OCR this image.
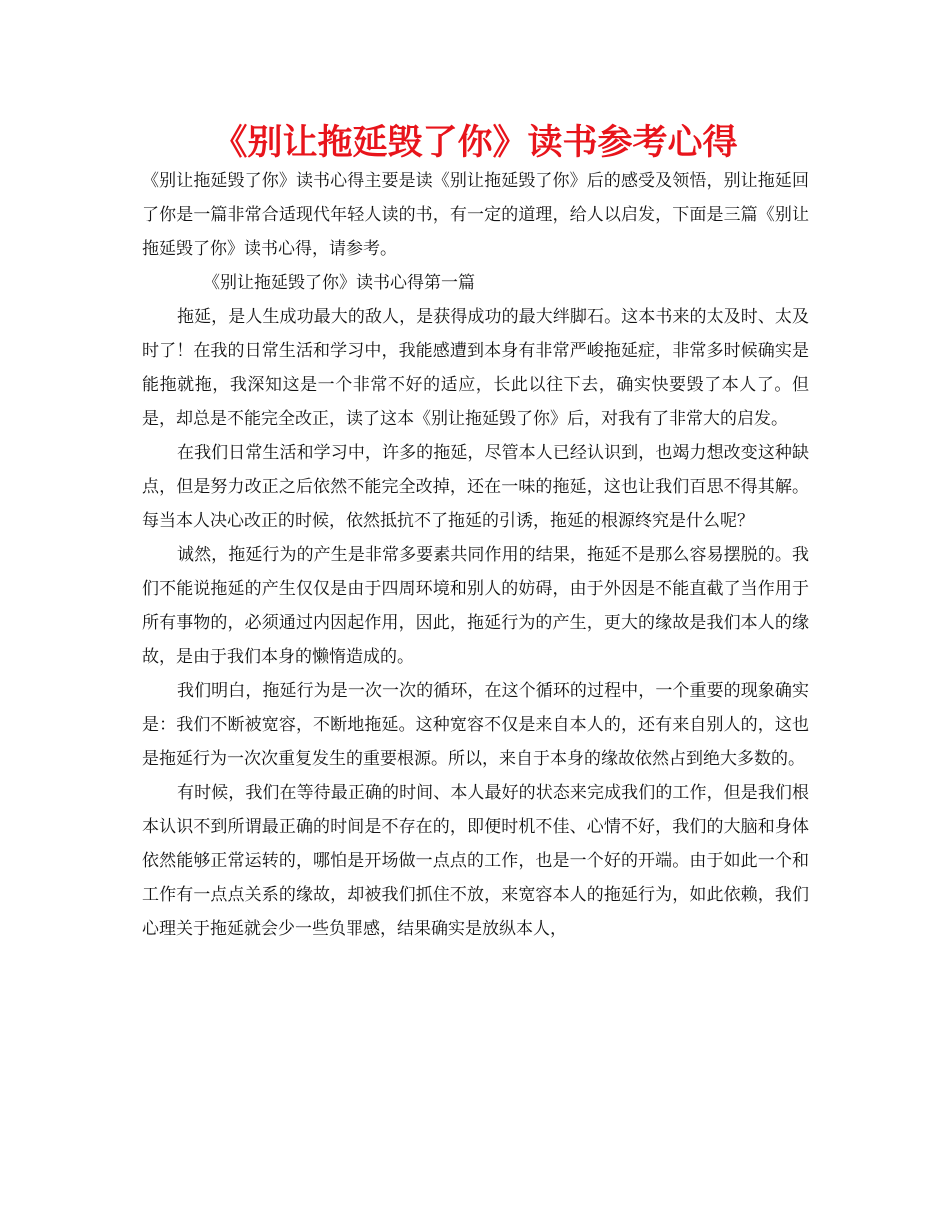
《别让拖延毁了你》读书参考心得

《别让拖延毁了你》读书心得主要是读《别让拖延毁了你》后的感受及领悟，别让拖延回了你是一篇非常合适现代年轻人读的书，有一定的道理，给人以启发，下面是三篇《别让拖延毁了你》读书心得，请参考。

《别让拖延毁了你》读书心得第一篇

拖延，是人生成功最大的敌人，是获得成功的最大绊脚石。这本书来的太及时、太及时了！在我的日常生活和学习中，我能感遭到本身有非常严峻拖延症，非常多时候确实是能拖就拖，我深知这是一个非常不好的适应，长此以往下去，确实快要毁了本人了。但是，却总是不能完全改正，读了这本《别让拖延毁了你》后，对我有了非常大的启发。

在我们日常生活和学习中，许多的拖延，尽管本人已经认识到，也竭力想改变这种缺点，但是努力改正之后依然不能完全改掉，还在一味的拖延，这也让我们百思不得其解。每当本人决心改正的时候，依然抵抗不了拖延的引诱，拖延的根源终究是什么呢？

诚然，拖延行为的产生是非常多要素共同作用的结果，拖延不是那么容易摆脱的。我们不能说拖延的产生仅仅是由于四周环境和别人的妨碍，由于外因是不能直截了当作用于所有事物的，必须通过内因起作用，因此，拖延行为的产生，更大的缘故是我们本人的缘故，是由于我们本身的懒惰造成的。

我们明白，拖延行为是一次一次的循环，在这个循环的过程中，一个重要的现象确实是：我们不断被宽容，不断地拖延。这种宽容不仅是来自本人的，还有来自别人的，这也是拖延行为一次次重复发生的重要根源。所以，来自于本身的缘故依然占到绝大多数的。

有时候，我们在等待最正确的时间、本人最好的状态来完成我们的工作，但是我们根本认识不到所谓最正确的时间是不存在的，即便时机不佳、心情不好，我们的大脑和身体依然能够正常运转的，哪怕是开场做一点点的工作，也是一个好的开端。由于如此一个和工作有一点点关系的缘故，却被我们抓住不放，来宽容本人的拖延行为，如此依赖，我们心理关于拖延就会少一些负罪感，结果确实是放纵本人，
